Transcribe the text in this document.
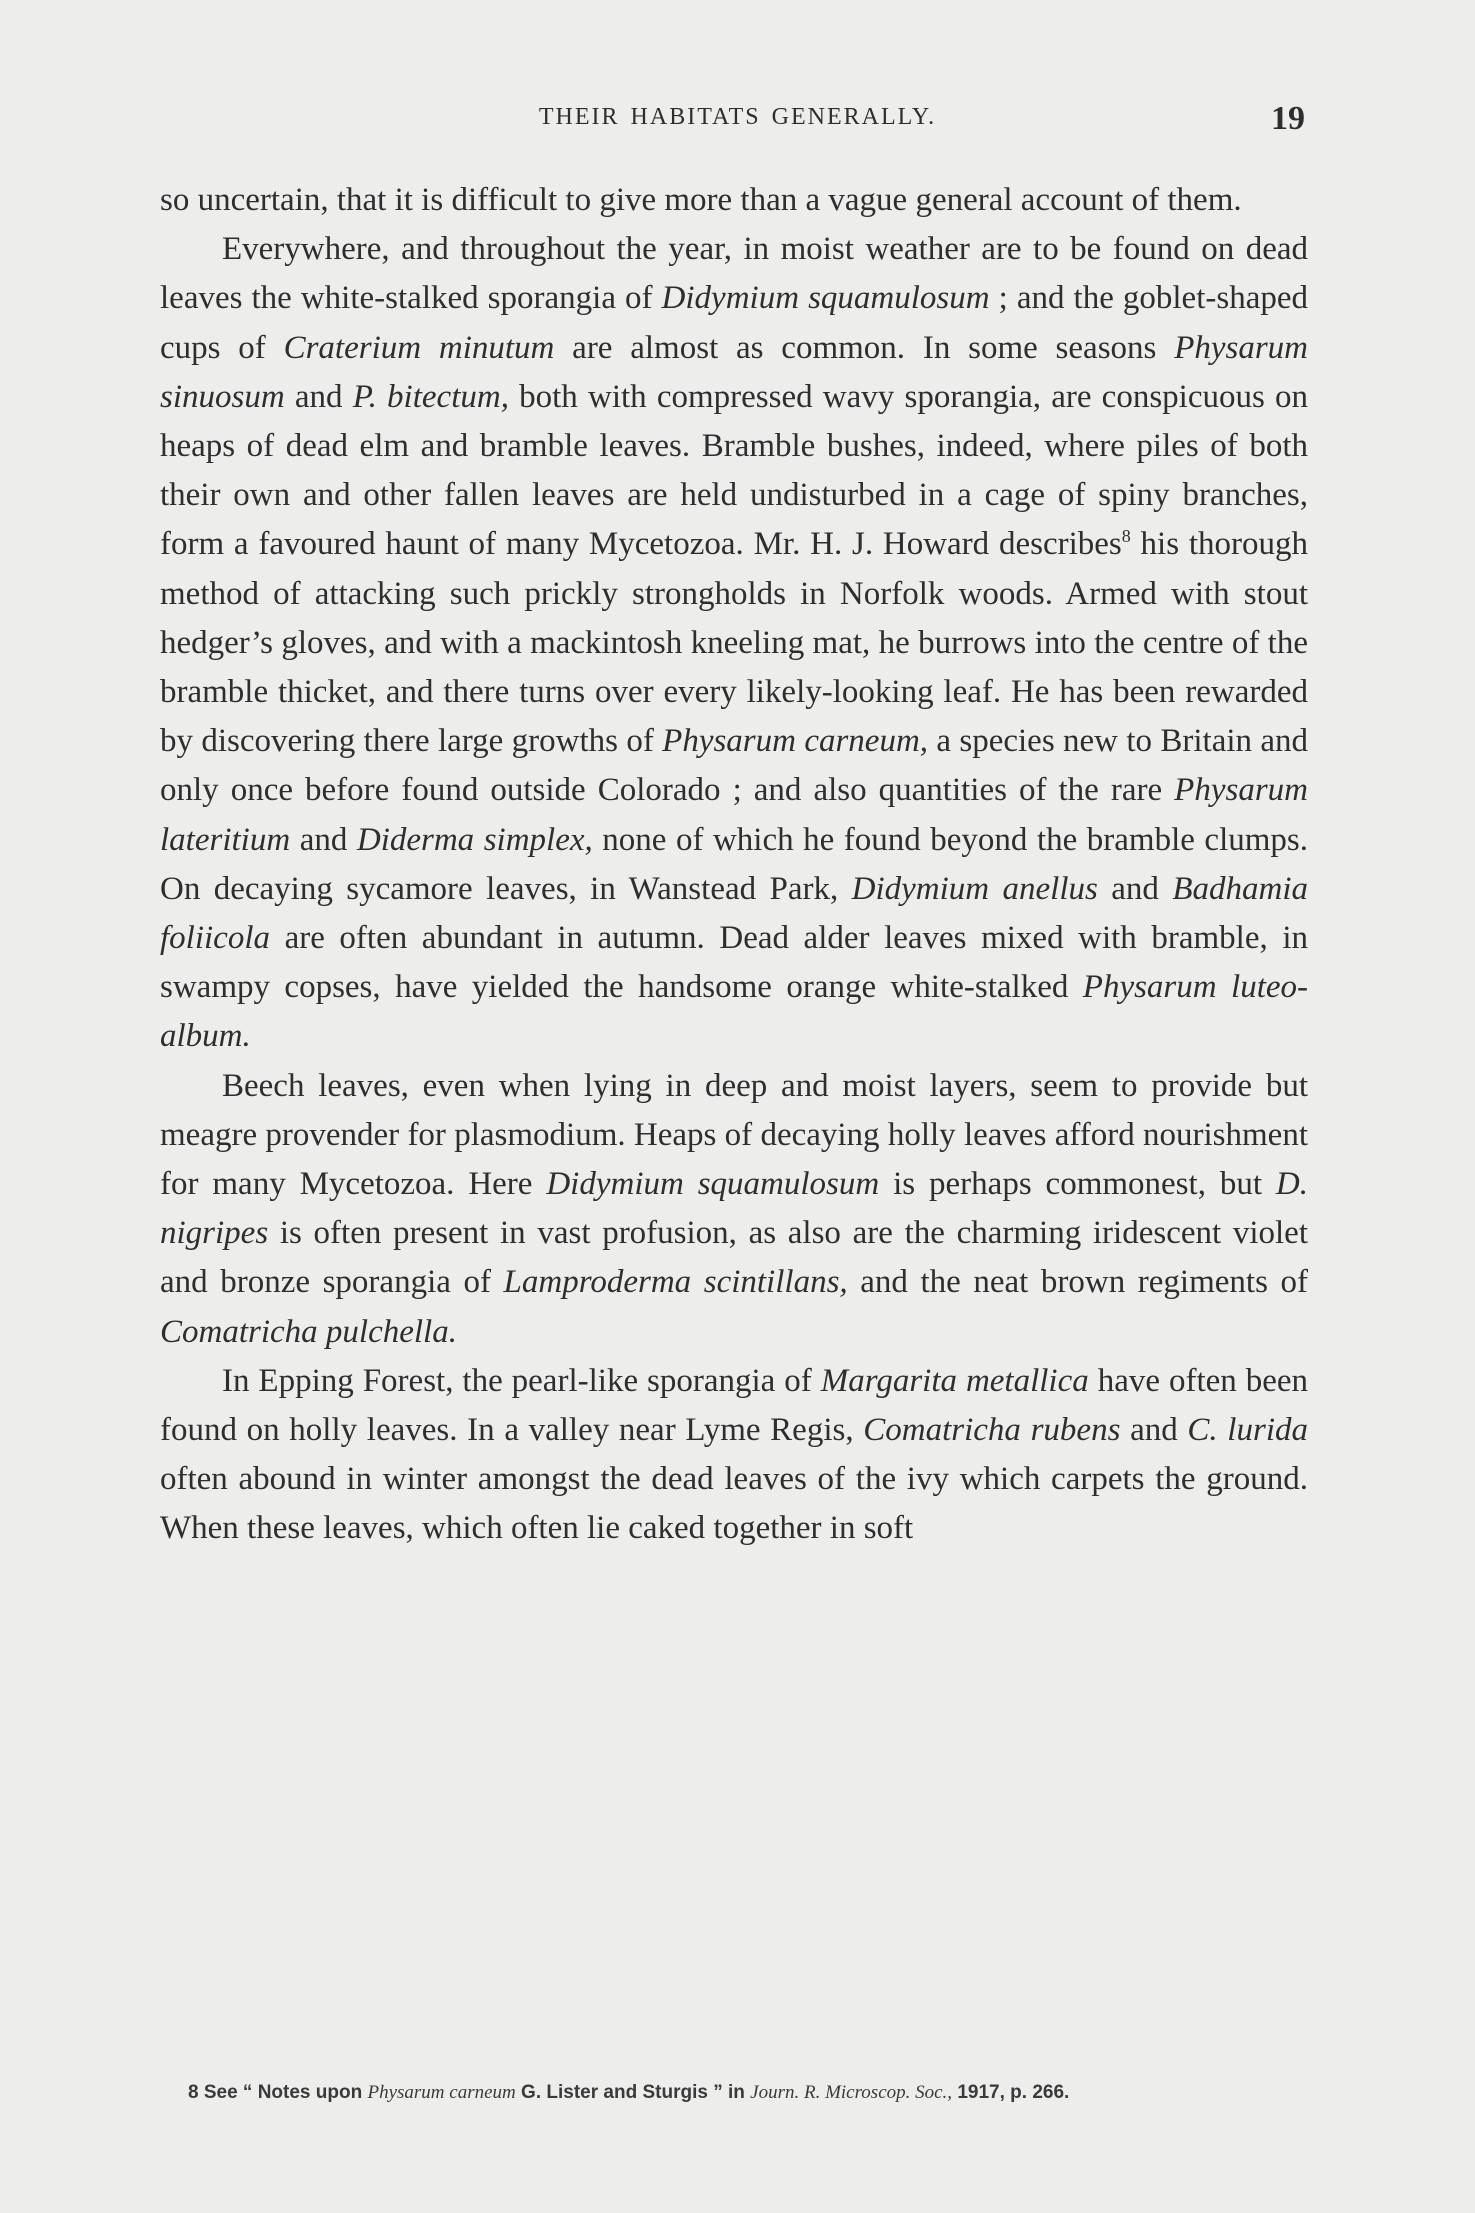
THEIR HABITATS GENERALLY.	19

so uncertain, that it is difficult to give more than a vague general account of them.

Everywhere, and throughout the year, in moist weather are to be found on dead leaves the white-stalked sporangia of Didymium squamulosum ; and the goblet-shaped cups of Craterium minutum are almost as common. In some seasons Physarum sinuosum and P. bitectum, both with compressed wavy sporangia, are conspicuous on heaps of dead elm and bramble leaves. Bramble bushes, indeed, where piles of both their own and other fallen leaves are held undisturbed in a cage of spiny branches, form a favoured haunt of many Mycetozoa. Mr. H. J. Howard describes$^8$ his thorough method of attacking such prickly strongholds in Norfolk woods. Armed with stout hedger’s gloves, and with a mackintosh kneeling mat, he burrows into the centre of the bramble thicket, and there turns over every likely-looking leaf. He has been rewarded by discovering there large growths of Physarum carneum, a species new to Britain and only once before found outside Colorado ; and also quantities of the rare Physarum lateritium and Diderma simplex, none of which he found beyond the bramble clumps. On decaying sycamore leaves, in Wanstead Park, Didymium anellus and Badhamia foliicola are often abundant in autumn. Dead alder leaves mixed with bramble, in swampy copses, have yielded the handsome orange white-stalked Physarum luteo-album.

Beech leaves, even when lying in deep and moist layers, seem to provide but meagre provender for plasmodium. Heaps of decaying holly leaves afford nourishment for many Mycetozoa. Here Didymium squamulosum is perhaps commonest, but D. nigripes is often present in vast profusion, as also are the charming iridescent violet and bronze sporangia of Lamproderma scintillans, and the neat brown regiments of Comatricha pulchella.

In Epping Forest, the pearl-like sporangia of Margarita metallica have often been found on holly leaves. In a valley near Lyme Regis, Comatricha rubens and C. lurida often abound in winter amongst the dead leaves of the ivy which carpets the ground. When these leaves, which often lie caked together in soft

8 See “ Notes upon Physarum carneum G. Lister and Sturgis ” in Journ. R. Microscop. Soc., 1917, p. 266.
